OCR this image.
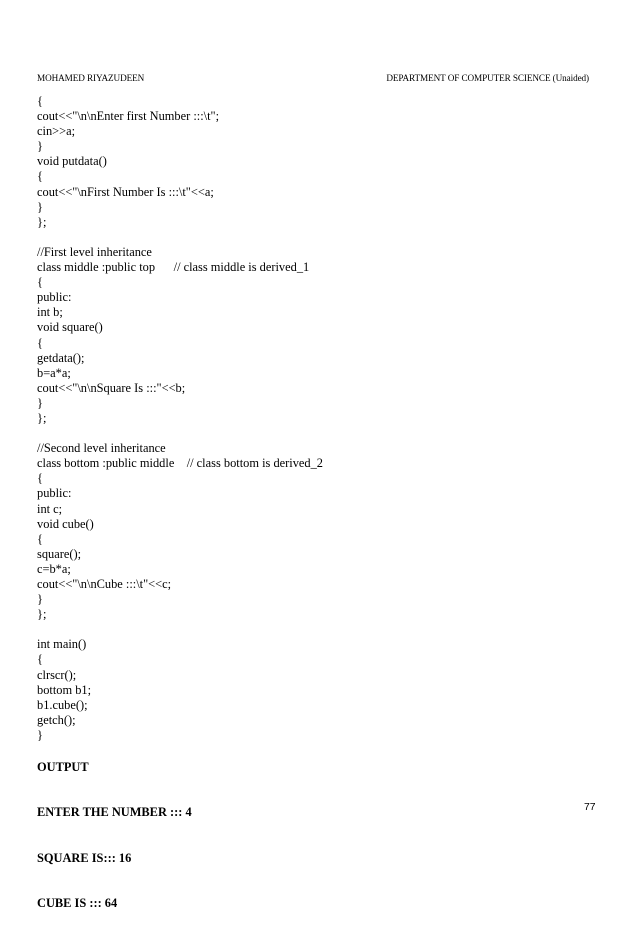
MOHAMED RIYAZUDEEN	DEPARTMENT OF COMPUTER SCIENCE (Unaided)
{
cout<<"\n\nEnter first Number :::\t";
cin>>a;
}
void putdata()
{
cout<<"\nFirst Number Is :::\t"<<a;
}
};
//First level inheritance
class middle :public top      // class middle is derived_1
{
public:
int b;
void square()
{
getdata();
b=a*a;
cout<<"\n\nSquare Is :::"<<b;
}
};
//Second level inheritance
class bottom :public middle    // class bottom is derived_2
{
public:
int c;
void cube()
{
square();
c=b*a;
cout<<"\n\nCube :::\t"<<c;
}
};
int main()
{
clrscr();
bottom b1;
b1.cube();
getch();
}

OUTPUT

ENTER THE NUMBER ::: 4

SQUARE IS::: 16

CUBE IS ::: 64

77
